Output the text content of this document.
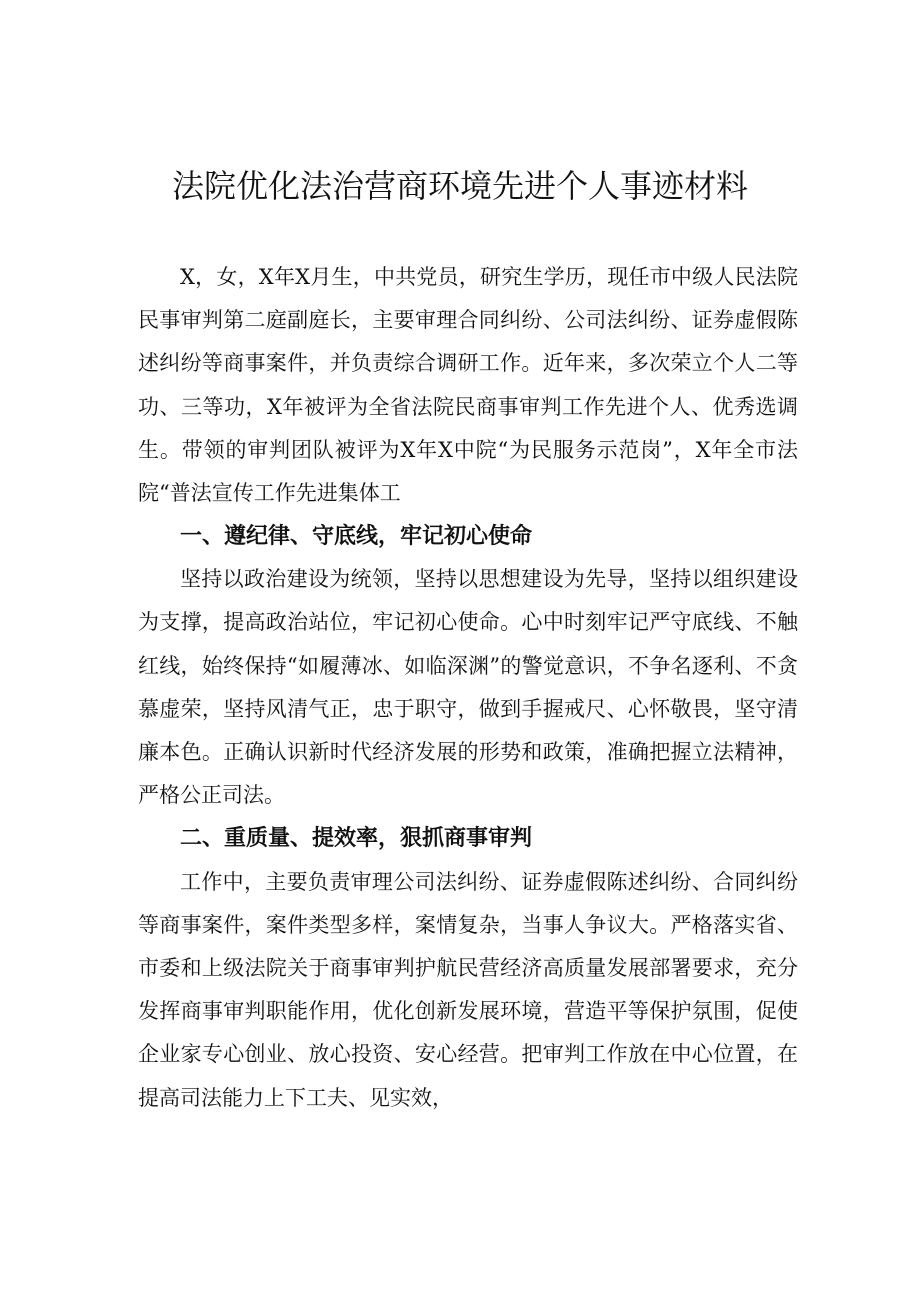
法院优化法治营商环境先进个人事迹材料

X，女，X年X月生，中共党员，研究生学历，现任市中级人民法院民事审判第二庭副庭长，主要审理合同纠纷、公司法纠纷、证券虚假陈述纠纷等商事案件，并负责综合调研工作。近年来，多次荣立个人二等功、三等功，X年被评为全省法院民商事审判工作先进个人、优秀选调生。带领的审判团队被评为X年X中院“为民服务示范岗”，X年全市法院“普法宣传工作先进集体工

一、遵纪律、守底线，牢记初心使命

坚持以政治建设为统领，坚持以思想建设为先导，坚持以组织建设为支撑，提高政治站位，牢记初心使命。心中时刻牢记严守底线、不触红线，始终保持“如履薄冰、如临深渊”的警觉意识，不争名逐利、不贪慕虚荣，坚持风清气正，忠于职守，做到手握戒尺、心怀敬畏，坚守清廉本色。正确认识新时代经济发展的形势和政策，准确把握立法精神，严格公正司法。

二、重质量、提效率，狠抓商事审判

工作中，主要负责审理公司法纠纷、证券虚假陈述纠纷、合同纠纷等商事案件，案件类型多样，案情复杂，当事人争议大。严格落实省、市委和上级法院关于商事审判护航民营经济高质量发展部署要求，充分发挥商事审判职能作用，优化创新发展环境，营造平等保护氛围，促使企业家专心创业、放心投资、安心经营。把审判工作放在中心位置，在提高司法能力上下工夫、见实效，
